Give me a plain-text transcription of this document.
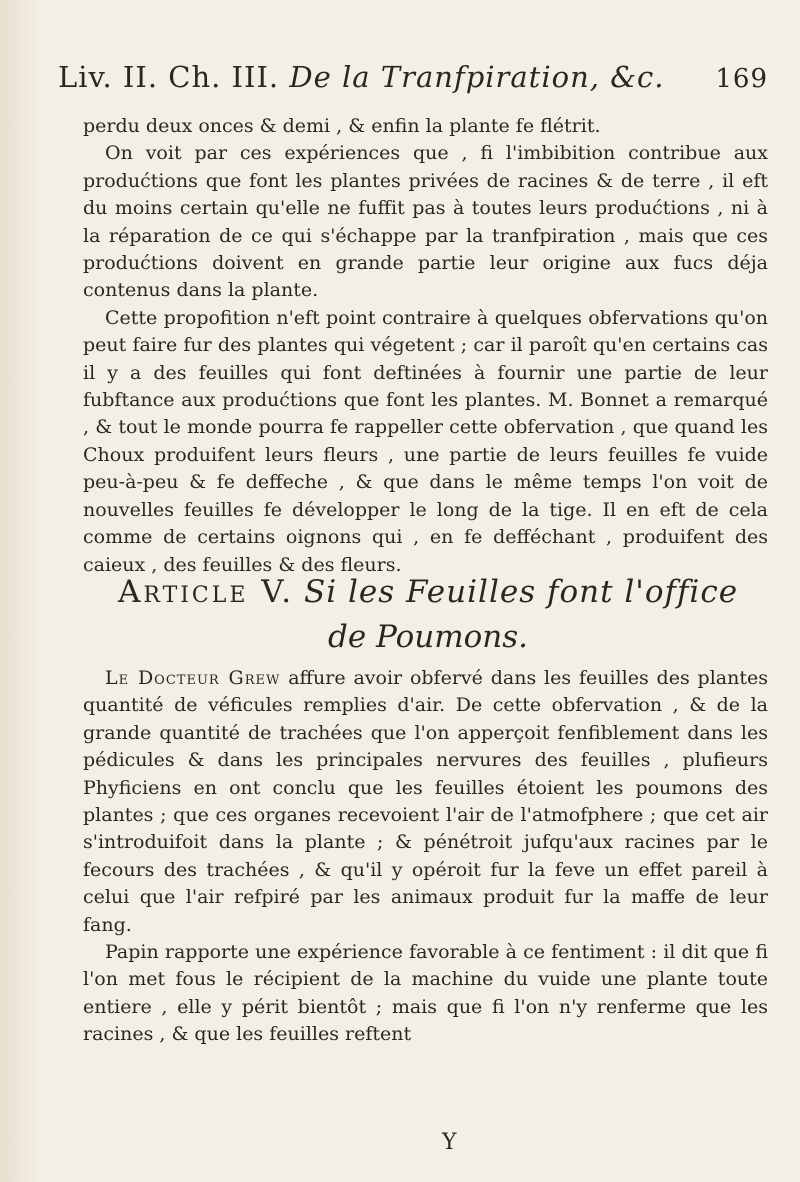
Liv. II. Ch. III. De la Tranfpiration, &c. 169

perdu deux onces & demi , & enfin la plante fe flétrit.

On voit par ces expériences que , fi l'imbibition contribue aux produćtions que font les plantes privées de racines & de terre , il eft du moins certain qu'elle ne fuffit pas à toutes leurs produćtions , ni à la réparation de ce qui s'échappe par la tranfpiration , mais que ces produćtions doivent en grande partie leur origine aux fucs déja contenus dans la plante.

Cette propofition n'eft point contraire à quelques obfervations qu'on peut faire fur des plantes qui végetent ; car il paroît qu'en certains cas il y a des feuilles qui font deftinées à fournir une partie de leur fubftance aux produćtions que font les plantes. M. Bonnet a remarqué , & tout le monde pourra fe rappeller cette obfervation , que quand les Choux produifent leurs fleurs , une partie de leurs feuilles fe vuide peu-à-peu & fe deffeche , & que dans le même temps l'on voit de nouvelles feuilles fe développer le long de la tige. Il en eft de cela comme de certains oignons qui , en fe defféchant , produifent des caieux , des feuilles & des fleurs.

Article V. Si les Feuilles font l'office
de Poumons.

Le Docteur Grew affure avoir obfervé dans les feuilles des plantes quantité de véficules remplies d'air. De cette obfervation , & de la grande quantité de trachées que l'on apperçoit fenfiblement dans les pédicules & dans les principales nervures des feuilles , plufieurs Phyficiens en ont conclu que les feuilles étoient les poumons des plantes ; que ces organes recevoient l'air de l'atmofphere ; que cet air s'introduifoit dans la plante ; & pénétroit jufqu'aux racines par le fecours des trachées , & qu'il y opéroit fur la feve un effet pareil à celui que l'air refpiré par les animaux produit fur la maffe de leur fang.

Papin rapporte une expérience favorable à ce fentiment : il dit que fi l'on met fous le récipient de la machine du vuide une plante toute entiere , elle y périt bientôt ; mais que fi l'on n'y renferme que les racines , & que les feuilles reftent

Y
